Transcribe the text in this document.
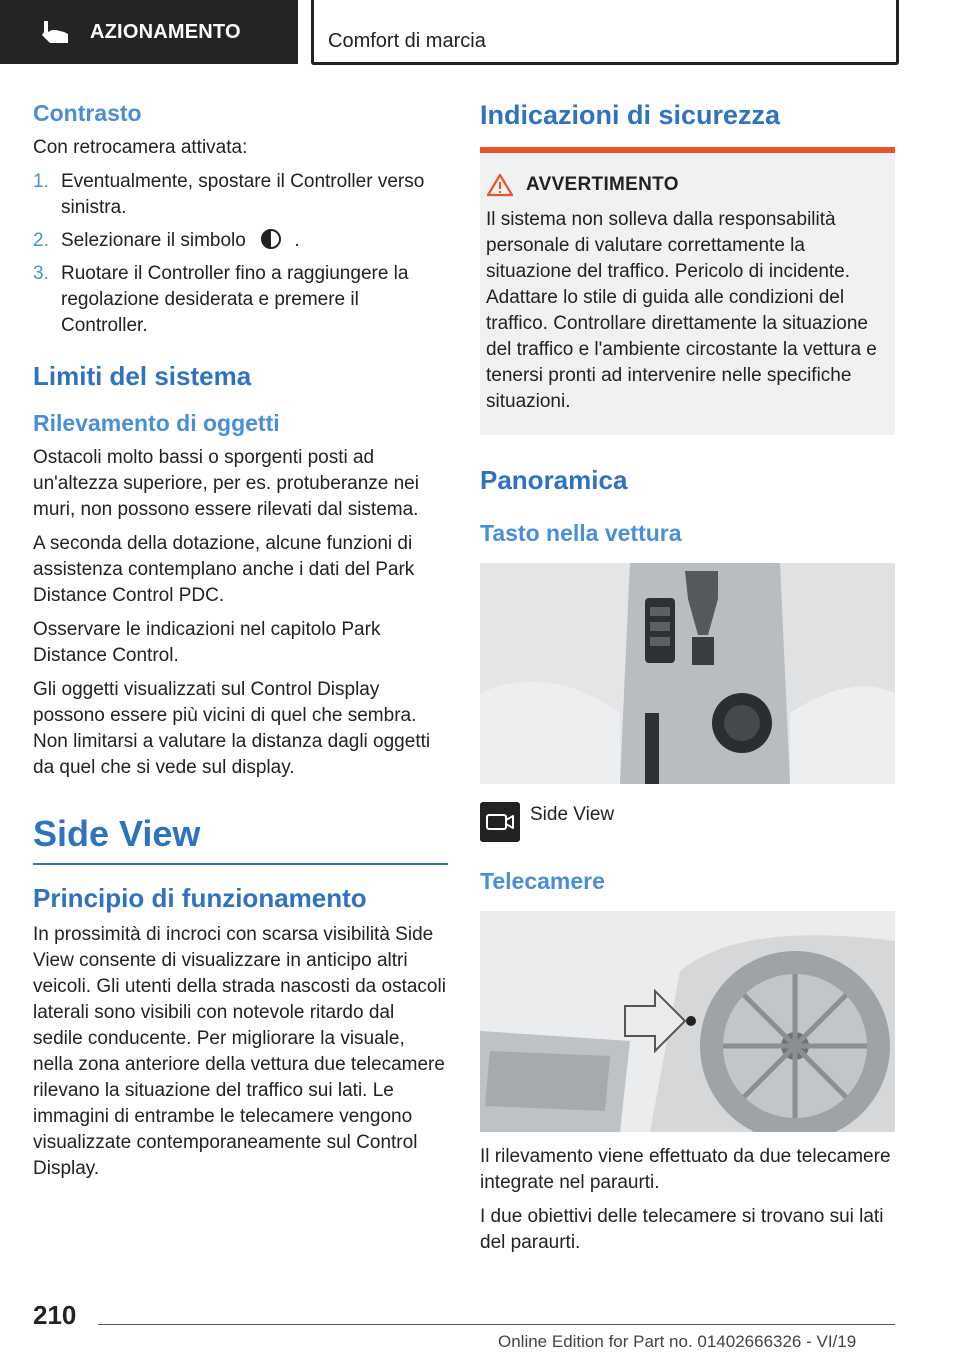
AZIONAMENTO	Comfort di marcia
Contrasto

Con retrocamera attivata:

1. Eventualmente, spostare il Controller verso sinistra.
2. Selezionare il simbolo	.
3. Ruotare il Controller fino a raggiungere la regolazione desiderata e premere il Controller.
Limiti del sistema
Rilevamento di oggetti

Ostacoli molto bassi o sporgenti posti ad un'altezza superiore, per es. protuberanze nei muri, non possono essere rilevati dal sistema.

A seconda della dotazione, alcune funzioni di assistenza contemplano anche i dati del Park Distance Control PDC.

Osservare le indicazioni nel capitolo Park Distance Control.

Gli oggetti visualizzati sul Control Display possono essere più vicini di quel che sembra. Non limitarsi a valutare la distanza dagli oggetti da quel che si vede sul display.

Side View
Principio di funzionamento

In prossimità di incroci con scarsa visibilità Side View consente di visualizzare in anticipo altri veicoli. Gli utenti della strada nascosti da ostacoli laterali sono visibili con notevole ritardo dal sedile conducente. Per migliorare la visuale, nella zona anteriore della vettura due telecamere rilevano la situazione del traffico sui lati. Le immagini di entrambe le telecamere vengono visualizzate contemporaneamente sul Control Display.

Indicazioni di sicurezza
AVVERTIMENTO

Il sistema non solleva dalla responsabilità personale di valutare correttamente la situazione del traffico. Pericolo di incidente. Adattare lo stile di guida alle condizioni del traffico. Controllare direttamente la situazione del traffico e l'ambiente circostante la vettura e tenersi pronti ad intervenire nelle specifiche situazioni.

Panoramica
Tasto nella vettura
Side View
Telecamere

Il rilevamento viene effettuato da due telecamere integrate nel paraurti.

I due obiettivi delle telecamere si trovano sui lati del paraurti.

210
Online Edition for Part no. 01402666326 - VI/19
